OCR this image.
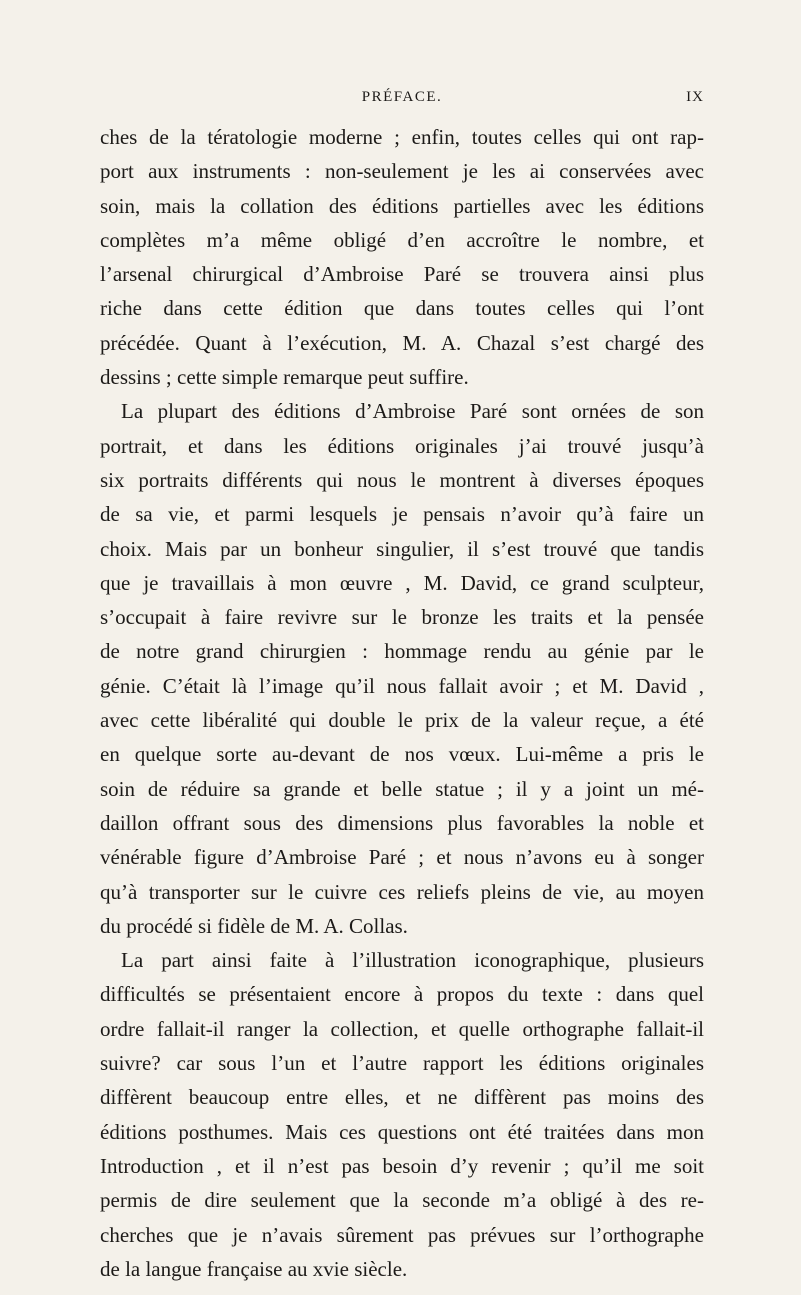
PRÉFACE.	IX
ches de la tératologie moderne ; enfin, toutes celles qui ont rap-
port aux instruments : non-seulement je les ai conservées avec
soin, mais la collation des éditions partielles avec les éditions
complètes m’a même obligé d’en accroître le nombre, et
l’arsenal chirurgical d’Ambroise Paré se trouvera ainsi plus
riche dans cette édition que dans toutes celles qui l’ont
précédée. Quant à l’exécution, M. A. Chazal s’est chargé des
dessins ; cette simple remarque peut suffire.
La plupart des éditions d’Ambroise Paré sont ornées de son
portrait, et dans les éditions originales j’ai trouvé jusqu’à
six portraits différents qui nous le montrent à diverses époques
de sa vie, et parmi lesquels je pensais n’avoir qu’à faire un
choix. Mais par un bonheur singulier, il s’est trouvé que tandis
que je travaillais à mon œuvre , M. David, ce grand sculpteur,
s’occupait à faire revivre sur le bronze les traits et la pensée
de notre grand chirurgien : hommage rendu au génie par le
génie. C’était là l’image qu’il nous fallait avoir ; et M. David ,
avec cette libéralité qui double le prix de la valeur reçue, a été
en quelque sorte au-devant de nos vœux. Lui-même a pris le
soin de réduire sa grande et belle statue ; il y a joint un mé-
daillon offrant sous des dimensions plus favorables la noble et
vénérable figure d’Ambroise Paré ; et nous n’avons eu à songer
qu’à transporter sur le cuivre ces reliefs pleins de vie, au moyen
du procédé si fidèle de M. A. Collas.
La part ainsi faite à l’illustration iconographique, plusieurs
difficultés se présentaient encore à propos du texte : dans quel
ordre fallait-il ranger la collection, et quelle orthographe fallait-il
suivre? car sous l’un et l’autre rapport les éditions originales
diffèrent beaucoup entre elles, et ne diffèrent pas moins des
éditions posthumes. Mais ces questions ont été traitées dans mon
Introduction , et il n’est pas besoin d’y revenir ; qu’il me soit
permis de dire seulement que la seconde m’a obligé à des re-
cherches que je n’avais sûrement pas prévues sur l’orthographe
de la langue française au xvie siècle.
